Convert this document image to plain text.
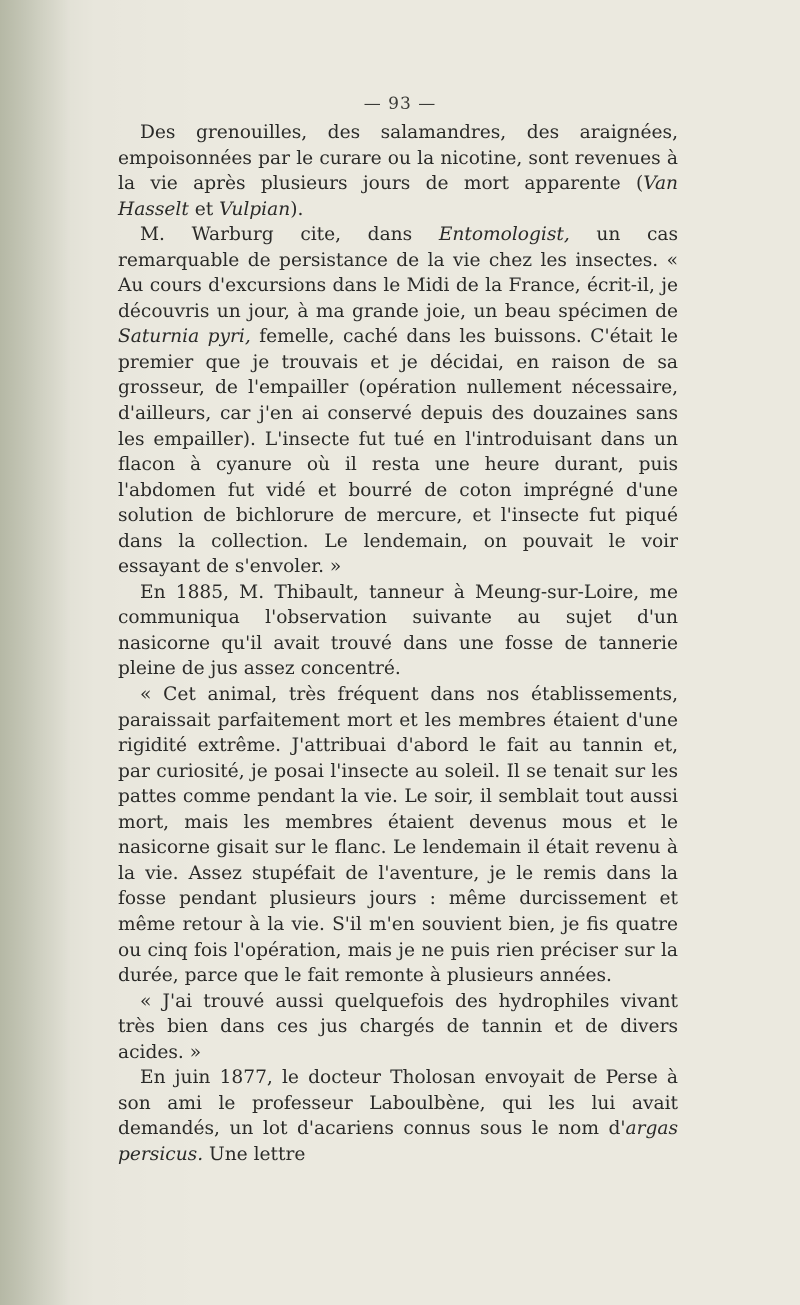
— 93 —

Des grenouilles, des salamandres, des araignées, empoisonnées par le curare ou la nicotine, sont revenues à la vie après plusieurs jours de mort apparente (Van Hasselt et Vulpian).

M. Warburg cite, dans Entomologist, un cas remarquable de persistance de la vie chez les insectes. « Au cours d'excursions dans le Midi de la France, écrit-il, je découvris un jour, à ma grande joie, un beau spécimen de Saturnia pyri, femelle, caché dans les buissons. C'était le premier que je trouvais et je décidai, en raison de sa grosseur, de l'empailler (opération nullement nécessaire, d'ailleurs, car j'en ai conservé depuis des douzaines sans les empailler). L'insecte fut tué en l'introduisant dans un flacon à cyanure où il resta une heure durant, puis l'abdomen fut vidé et bourré de coton imprégné d'une solution de bichlorure de mercure, et l'insecte fut piqué dans la collection. Le lendemain, on pouvait le voir essayant de s'envoler. »

En 1885, M. Thibault, tanneur à Meung-sur-Loire, me communiqua l'observation suivante au sujet d'un nasicorne qu'il avait trouvé dans une fosse de tannerie pleine de jus assez concentré.

« Cet animal, très fréquent dans nos établissements, paraissait parfaitement mort et les membres étaient d'une rigidité extrême. J'attribuai d'abord le fait au tannin et, par curiosité, je posai l'insecte au soleil. Il se tenait sur les pattes comme pendant la vie. Le soir, il semblait tout aussi mort, mais les membres étaient devenus mous et le nasicorne gisait sur le flanc. Le lendemain il était revenu à la vie. Assez stupéfait de l'aventure, je le remis dans la fosse pendant plusieurs jours : même durcissement et même retour à la vie. S'il m'en souvient bien, je fis quatre ou cinq fois l'opération, mais je ne puis rien préciser sur la durée, parce que le fait remonte à plusieurs années.

« J'ai trouvé aussi quelquefois des hydrophiles vivant très bien dans ces jus chargés de tannin et de divers acides. »

En juin 1877, le docteur Tholosan envoyait de Perse à son ami le professeur Laboulbène, qui les lui avait demandés, un lot d'acariens connus sous le nom d'argas persicus. Une lettre
